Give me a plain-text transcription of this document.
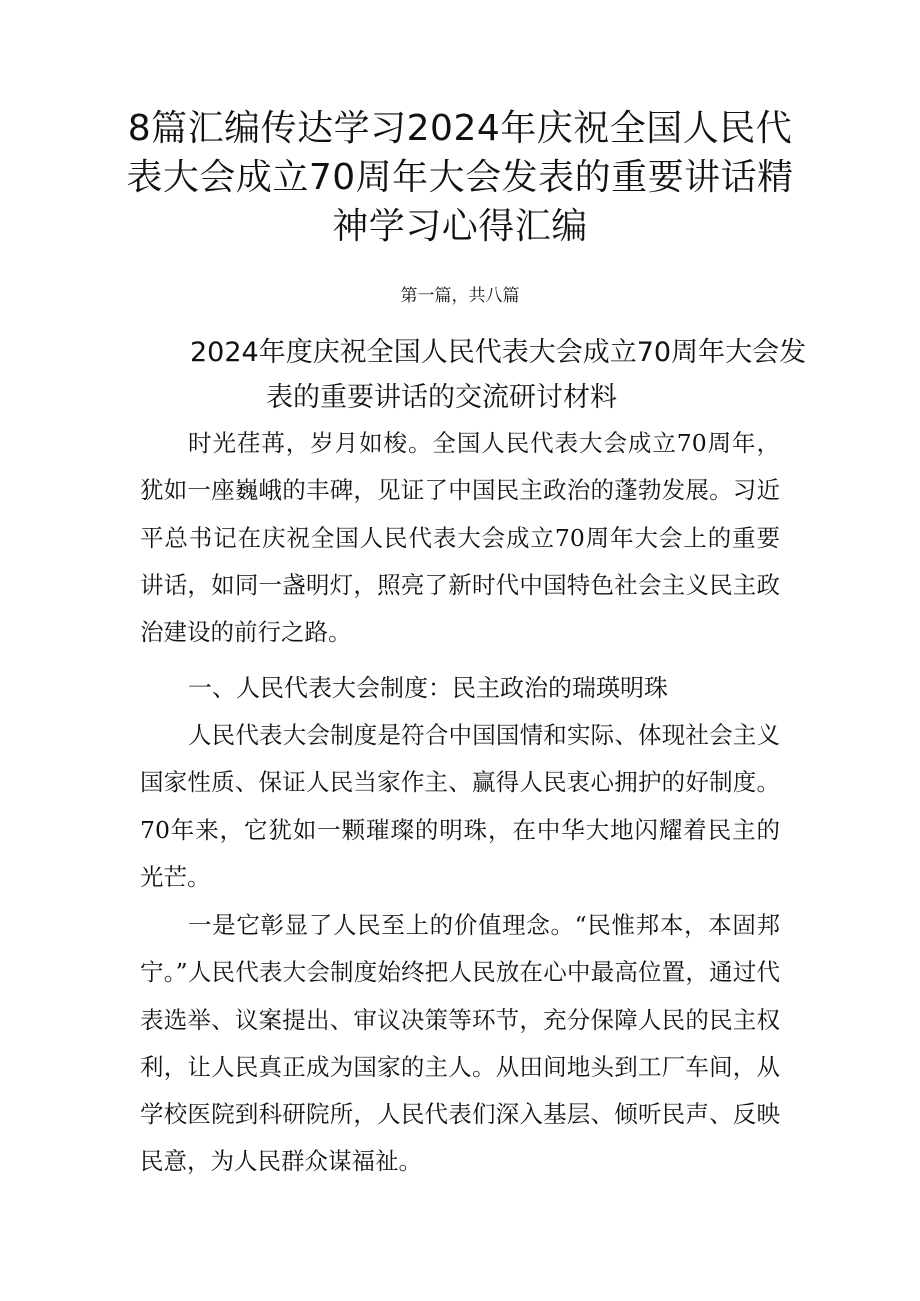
8篇汇编传达学习2024年庆祝全国人民代
表大会成立70周年大会发表的重要讲话精
神学习心得汇编
第一篇，共八篇
2024年度庆祝全国人民代表大会成立70周年大会发
表的重要讲话的交流研讨材料

时光荏苒，岁月如梭。全国人民代表大会成立70周年，犹如一座巍峨的丰碑，见证了中国民主政治的蓬勃发展。习近平总书记在庆祝全国人民代表大会成立70周年大会上的重要讲话，如同一盏明灯，照亮了新时代中国特色社会主义民主政治建设的前行之路。

一、人民代表大会制度：民主政治的瑞瑛明珠

人民代表大会制度是符合中国国情和实际、体现社会主义国家性质、保证人民当家作主、赢得人民衷心拥护的好制度。70年来，它犹如一颗璀璨的明珠，在中华大地闪耀着民主的光芒。

一是它彰显了人民至上的价值理念。“民惟邦本，本固邦宁。”人民代表大会制度始终把人民放在心中最高位置，通过代表选举、议案提出、审议决策等环节，充分保障人民的民主权利，让人民真正成为国家的主人。从田间地头到工厂车间，从学校医院到科研院所，人民代表们深入基层、倾听民声、反映民意，为人民群众谋福祉。
